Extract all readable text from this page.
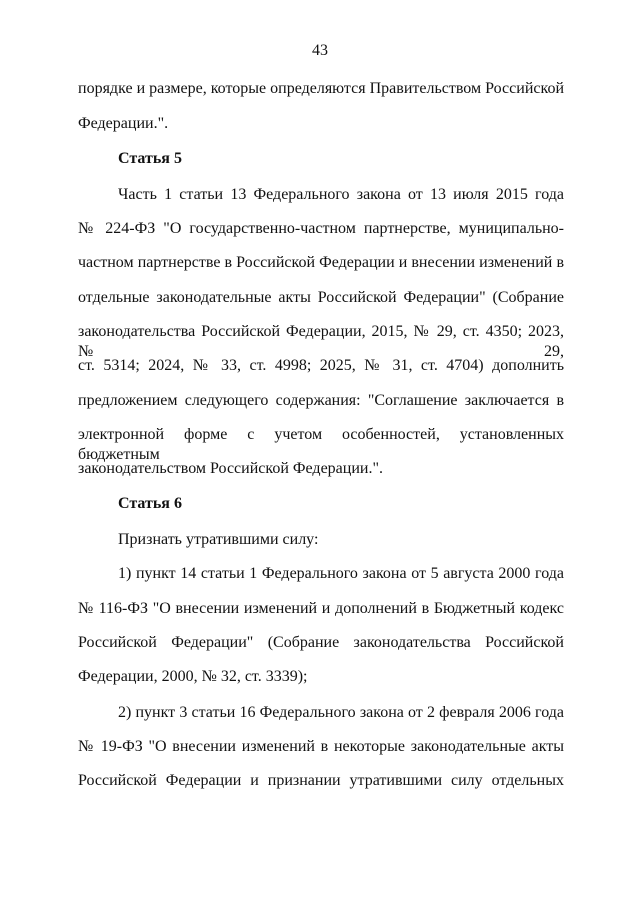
43
порядке и размере, которые определяются Правительством Российской
Федерации.".
Статья 5
Часть 1 статьи 13 Федерального закона от 13 июля 2015 года
№ 224-ФЗ "О государственно-частном партнерстве, муниципально-
частном партнерстве в Российской Федерации и внесении изменений в
отдельные законодательные акты Российской Федерации" (Собрание
законодательства Российской Федерации, 2015, № 29, ст. 4350; 2023, № 29,
ст. 5314; 2024, № 33, ст. 4998; 2025, № 31, ст. 4704) дополнить
предложением следующего содержания: "Соглашение заключается в
электронной форме с учетом особенностей, установленных бюджетным
законодательством Российской Федерации.".
Статья 6
Признать утратившими силу:
1) пункт 14 статьи 1 Федерального закона от 5 августа 2000 года
№ 116-ФЗ "О внесении изменений и дополнений в Бюджетный кодекс
Российской Федерации" (Собрание законодательства Российской
Федерации, 2000, № 32, ст. 3339);
2) пункт 3 статьи 16 Федерального закона от 2 февраля 2006 года
№ 19-ФЗ "О внесении изменений в некоторые законодательные акты
Российской Федерации и признании утратившими силу отдельных
